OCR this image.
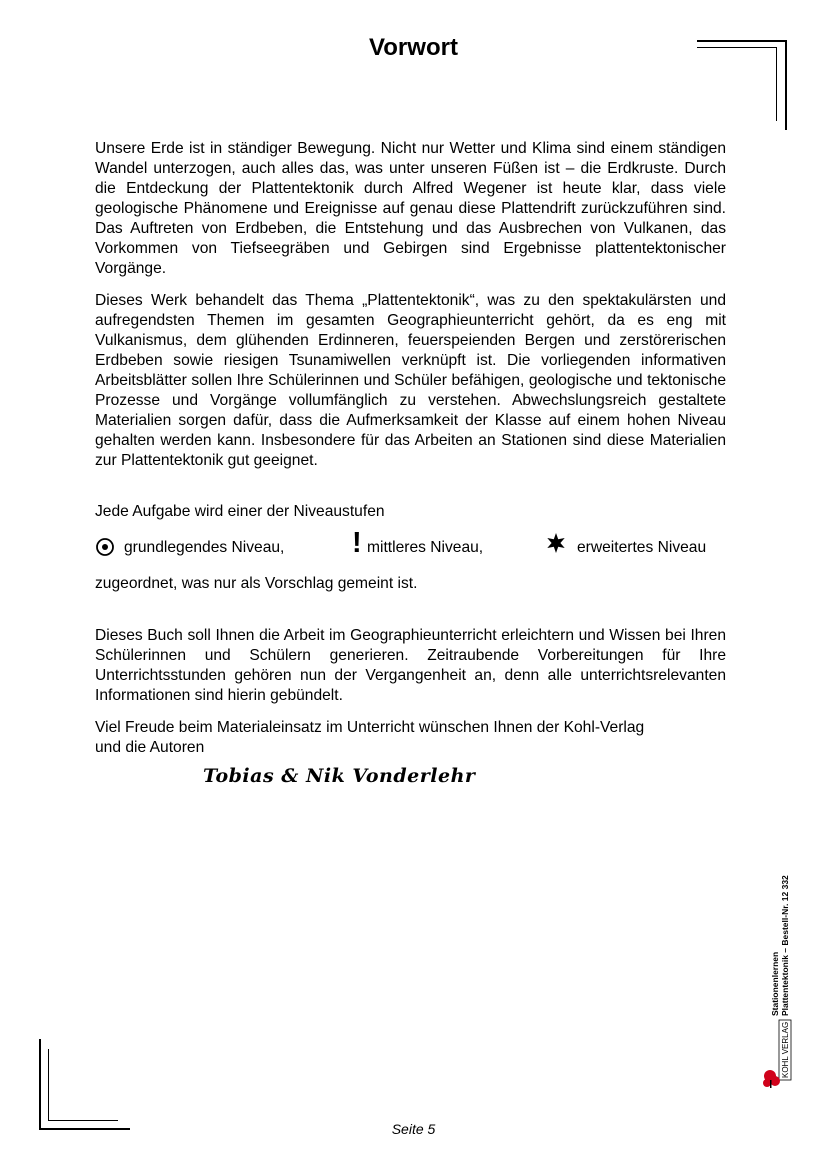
Vorwort

Unsere Erde ist in ständiger Bewegung. Nicht nur Wetter und Klima sind einem ständigen Wandel unterzogen, auch alles das, was unter unseren Füßen ist – die Erdkruste. Durch die Entdeckung der Plattentektonik durch Alfred Wegener ist heute klar, dass viele geologische Phänomene und Ereignisse auf genau diese Plattendrift zurückzuführen sind. Das Auftreten von Erdbeben, die Entstehung und das Ausbrechen von Vulkanen, das Vorkommen von Tiefseegräben und Gebirgen sind Ergebnisse plattentektonischer Vorgänge.

Dieses Werk behandelt das Thema „Plattentektonik“, was zu den spektakulärsten und aufregendsten Themen im gesamten Geographieunterricht gehört, da es eng mit Vulkanismus, dem glühenden Erdinneren, feuerspeienden Bergen und zerstörerischen Erdbeben sowie riesigen Tsunamiwellen verknüpft ist. Die vorliegenden informativen Arbeitsblätter sollen Ihre Schülerinnen und Schüler befähigen, geologische und tektonische Prozesse und Vorgänge vollumfänglich zu verstehen. Abwechslungsreich gestaltete Materialien sorgen dafür, dass die Aufmerksamkeit der Klasse auf einem hohen Niveau gehalten werden kann. Insbesondere für das Arbeiten an Stationen sind diese Materialien zur Plattentektonik gut geeignet.

Jede Aufgabe wird einer der Niveaustufen

grundlegendes Niveau, ! mittleres Niveau,	erweitertes Niveau

zugeordnet, was nur als Vorschlag gemeint ist.

Dieses Buch soll Ihnen die Arbeit im Geographieunterricht erleichtern und Wissen bei Ihren Schülerinnen und Schülern generieren. Zeitraubende Vorbereitungen für Ihre Unterrichtsstunden gehören nun der Vergangenheit an, denn alle unterrichtsrelevanten Informationen sind hierin gebündelt.

Viel Freude beim Materialeinsatz im Unterricht wünschen Ihnen der Kohl-Verlag

und die Autoren

Tobias & Nik Vonderlehr
Stationenlernen Plattentektonik – Bestell-Nr. 12 332
KOHL VERLAG
Seite 5
